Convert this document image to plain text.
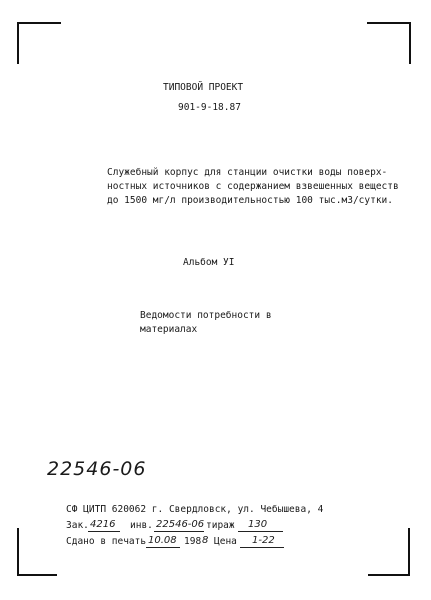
ТИПОВОЙ ПРОЕКТ
901-9-18.87
Служебный корпус для станции очистки воды поверх-
ностных источников с содержанием взвешенных веществ
до 1500 мг/л производительностью 100 тыс.м3/сутки.
Альбом УI
Ведомости потребности в
материалах
22546-06
СФ ЦИТП 620062 г. Свердловск, ул. Чебышева, 4
Зак. 4216 инв. 22546-06 тираж 130
Сдано в печать 10.08 198 8 Цена 1-22
